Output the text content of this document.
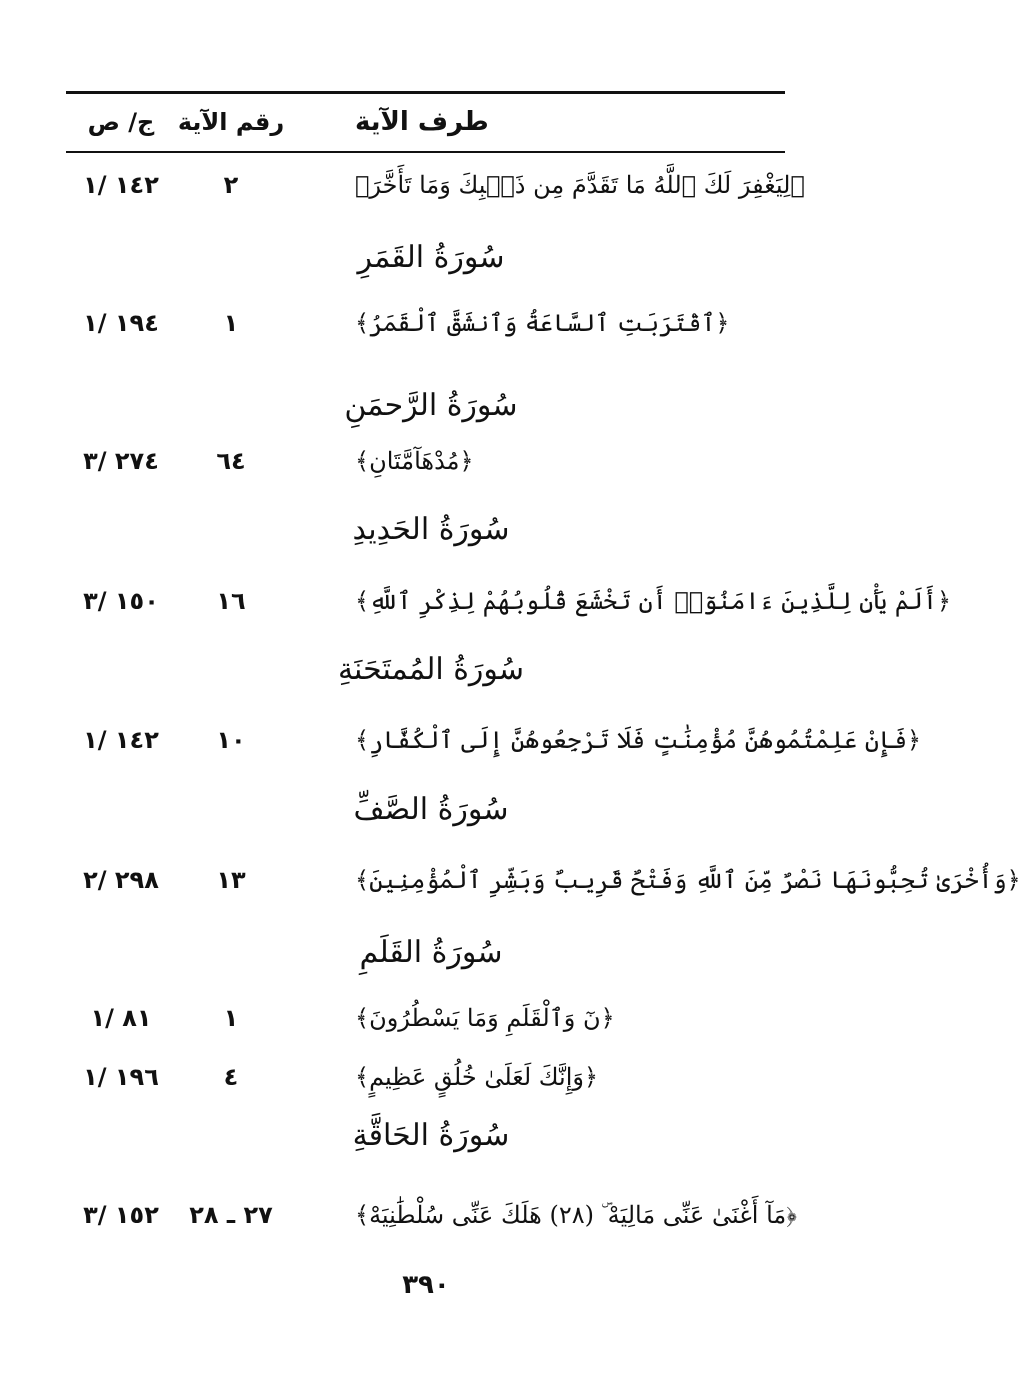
طرف الآية
رقم الآية
ج/ ص
﴿لِيَغْفِرَ لَكَ ٱللَّهُ مَا تَقَدَّمَ مِن ذَنۢبِكَ وَمَا تَأَخَّرَ﴾
٢
١٤٢ /١
سُورَةُ القَمَرِ
﴿ٱقْتَرَبَتِ ٱلسَّاعَةُ وَٱنشَقَّ ٱلْقَمَرُ﴾
١
١٩٤ /١
سُورَةُ الرَّحمَنِ
﴿مُدْهَآمَّتَانِ﴾
٦٤
٢٧٤ /٣
سُورَةُ الحَدِيدِ
﴿أَلَمْ يَأْنِ لِلَّذِينَ ءَامَنُوٓا۟ أَن تَخْشَعَ قُلُوبُهُمْ لِذِكْرِ ٱللَّهِ﴾
١٦
١٥٠ /٣
سُورَةُ المُمتَحَنَةِ
﴿فَإِنْ عَلِمْتُمُوهُنَّ مُؤْمِنَٰتٍ فَلَا تَرْجِعُوهُنَّ إِلَى ٱلْكُفَّارِ﴾
١٠
١٤٢ /١
سُورَةُ الصَّفِّ
﴿وَأُخْرَىٰ تُحِبُّونَهَا نَصْرٌ مِّنَ ٱللَّهِ وَفَتْحٌ قَرِيبٌ وَبَشِّرِ ٱلْمُؤْمِنِينَ﴾
١٣
٢٩٨ /٢
سُورَةُ القَلَمِ
﴿نٓ وَٱلْقَلَمِ وَمَا يَسْطُرُونَ﴾
١
٨١ /١
﴿وَإِنَّكَ لَعَلَىٰ خُلُقٍ عَظِيمٍ﴾
٤
١٩٦ /١
سُورَةُ الحَاقَّةِ
﴿مَآ أَغْنَىٰ عَنِّى مَالِيَهْ ۜ (٢٨) هَلَكَ عَنِّى سُلْطَٰنِيَهْ﴾
٢٧ ـ ٢٨
١٥٢ /٣
٣٩٠
